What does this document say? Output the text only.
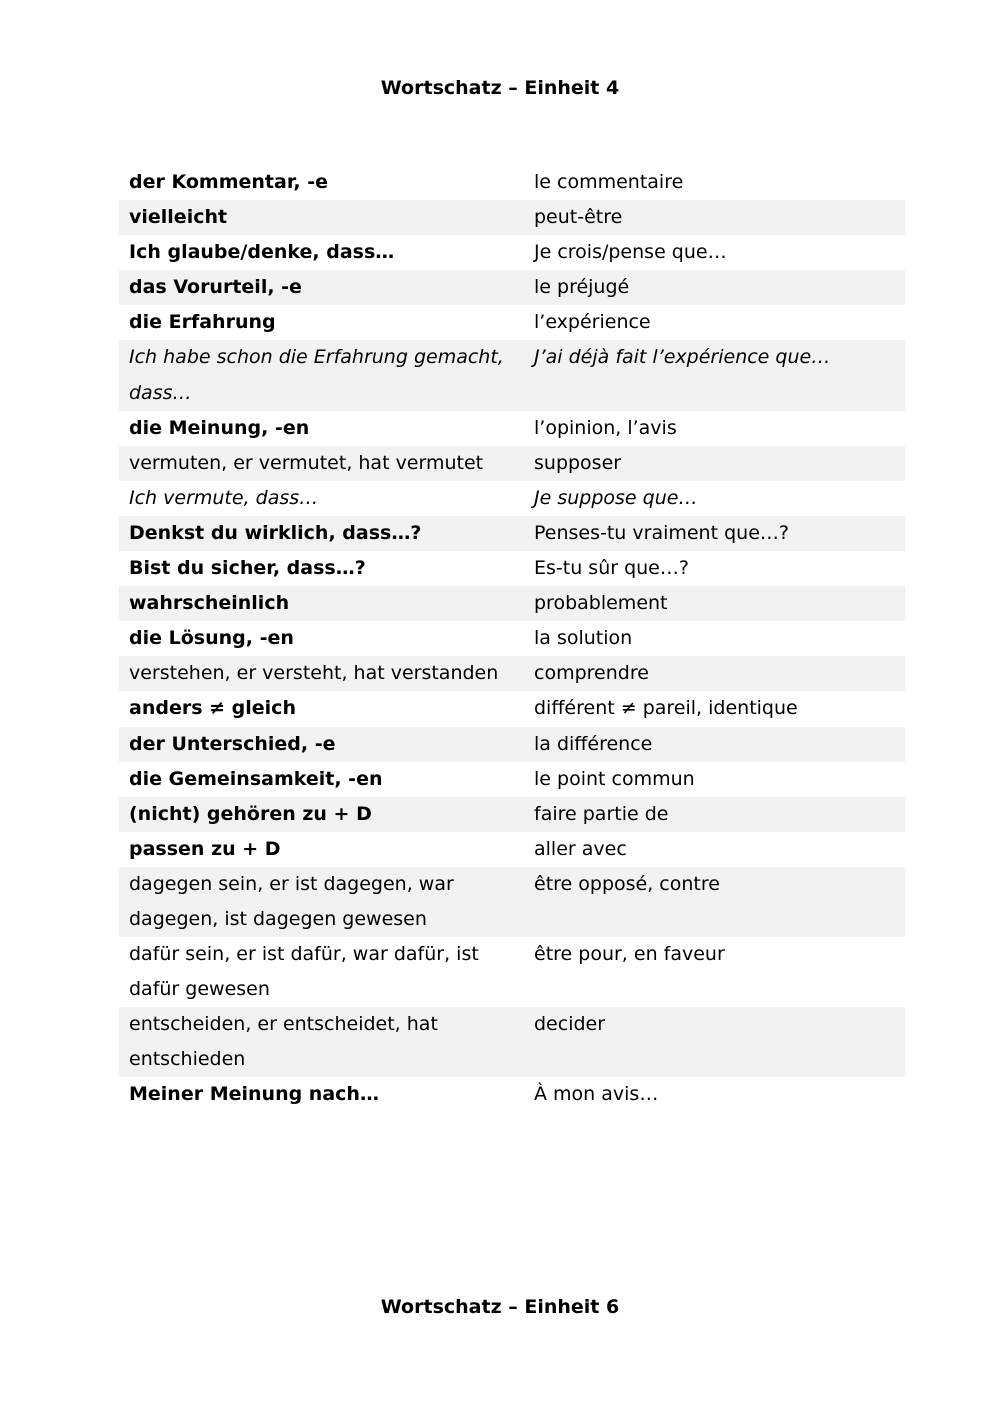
Wortschatz – Einheit 4
der Kommentar, -e	le commentaire
vielleicht	peut-être
Ich glaube/denke, dass…	Je crois/pense que…
das Vorurteil, -e	le préjugé
die Erfahrung	l’expérience
Ich habe schon die Erfahrung gemacht, dass…	J’ai déjà fait l’expérience que…
die Meinung, -en	l’opinion, l’avis
vermuten, er vermutet, hat vermutet	supposer
Ich vermute, dass…	Je suppose que…
Denkst du wirklich, dass…?	Penses-tu vraiment que…?
Bist du sicher, dass…?	Es-tu sûr que…?
wahrscheinlich	probablement
die Lösung, -en	la solution
verstehen, er versteht, hat verstanden	comprendre
anders ≠ gleich	différent ≠ pareil, identique
der Unterschied, -e	la différence
die Gemeinsamkeit, -en	le point commun
(nicht) gehören zu + D	faire partie de
passen zu + D	aller avec
dagegen sein, er ist dagegen, war dagegen, ist dagegen gewesen	être opposé, contre
dafür sein, er ist dafür, war dafür, ist dafür gewesen	être pour, en faveur
entscheiden, er entscheidet, hat entschieden	decider
Meiner Meinung nach…	À mon avis…
Wortschatz – Einheit 6
